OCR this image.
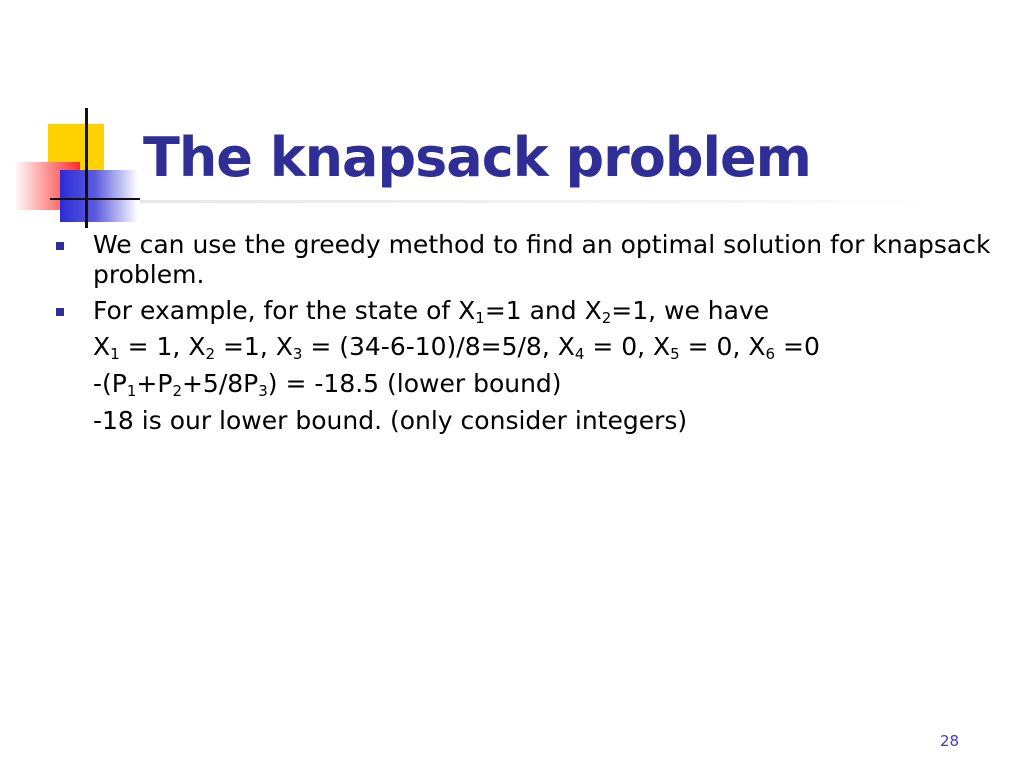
The knapsack problem
We can use the greedy method to find an optimal solution for knapsack problem.
For example, for the state of $X_1=1$ and $X_2=1$, we have
$X_1 = 1$, $X_2 =1$, $X_3 = (34-6-10)/8=5/8$, $X_4 = 0$, $X_5 = 0$, $X_6 =0$
$-(P_1+P_2+5/8P_3) = -18.5$ (lower bound)
-18 is our lower bound. (only consider integers)
28
